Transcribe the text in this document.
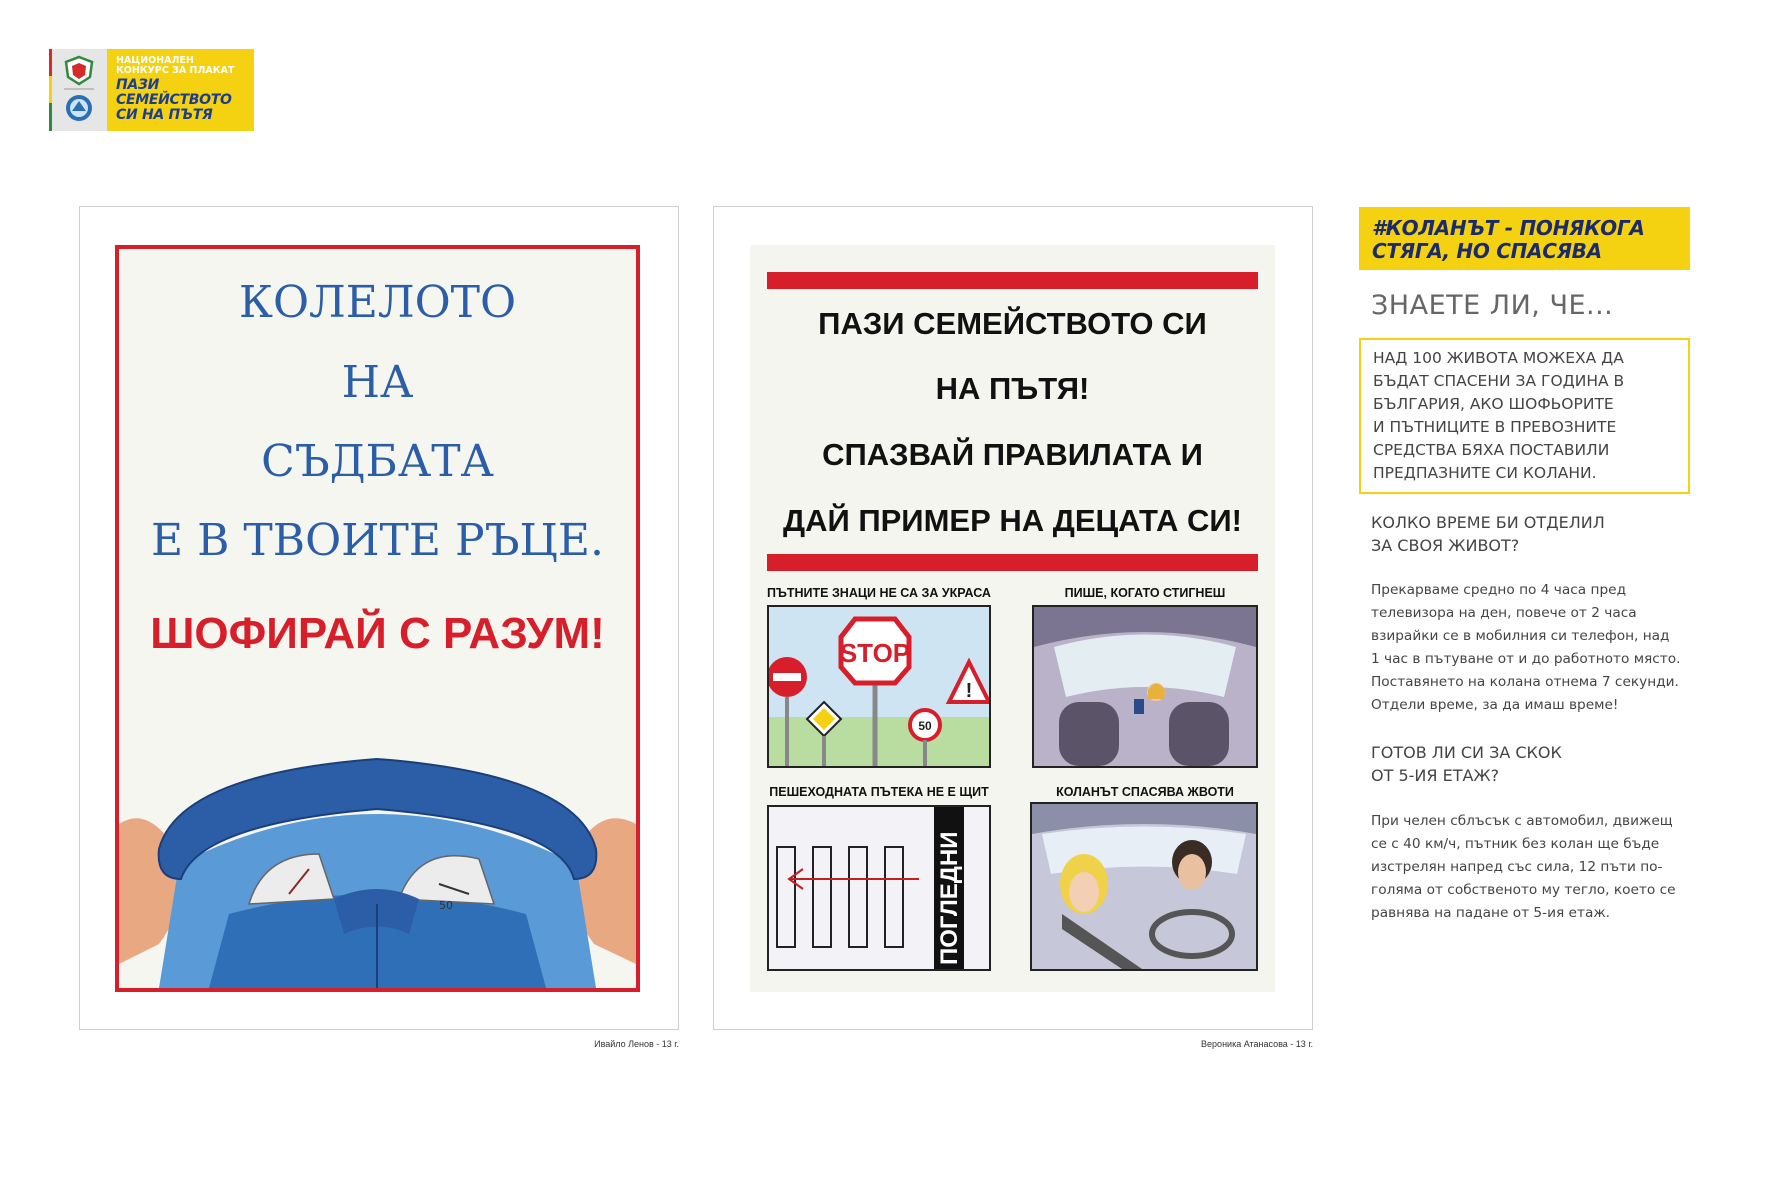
НАЦИОНАЛЕН
КОНКУРС ЗА ПЛАКАТ
ПАЗИ
СЕМЕЙСТВОТО
СИ НА ПЪТЯ
КОЛЕЛОТО
НА
СЪДБАТА
Е В ТВОИТЕ РЪЦЕ.
ШОФИРАЙ С РАЗУМ!
50
Ивайло Ленов - 13 г.
ПАЗИ СЕМЕЙСТВОТО СИ
НА ПЪТЯ!
СПАЗВАЙ ПРАВИЛАТА И
ДАЙ ПРИМЕР НА ДЕЦАТА СИ!
ПЪТНИТЕ ЗНАЦИ НЕ СА ЗА УКРАСА	ПИШЕ, КОГАТО СТИГНЕШ
ПЕШЕХОДНАТА ПЪТЕКА НЕ Е ЩИТ	КОЛАНЪТ СПАСЯВА ЖВОТИ
STOP
50
!
ПОГЛЕДНИ
Вероника Атанасова - 13 г.
#КОЛАНЪТ - ПОНЯКОГА
СТЯГА, НО СПАСЯВА
ЗНАЕТЕ ЛИ, ЧЕ...
НАД 100 ЖИВОТА МОЖЕХА ДА
БЪДАТ СПАСЕНИ ЗА ГОДИНА В
БЪЛГАРИЯ, АКО ШОФЬОРИТЕ
И ПЪТНИЦИТЕ В ПРЕВОЗНИТЕ
СРЕДСТВА БЯХА ПОСТАВИЛИ
ПРЕДПАЗНИТЕ СИ КОЛАНИ.
КОЛКО ВРЕМЕ БИ ОТДЕЛИЛ
ЗА СВОЯ ЖИВОТ?
Прекарваме средно по 4 часа пред
телевизора на ден, повече от 2 часа
взирайки се в мобилния си телефон, над
1 час в пътуване от и до работното място.
Поставянето на колана отнема 7 секунди.
Отдели време, за да имаш време!
ГОТОВ ЛИ СИ ЗА СКОК
ОТ 5-ИЯ ЕТАЖ?
При челен сблъсък с автомобил, движещ
се с 40 км/ч, пътник без колан ще бъде
изстрелян напред със сила, 12 пъти по-
голяма от собственото му тегло, което се
равнява на падане от 5-ия етаж.
